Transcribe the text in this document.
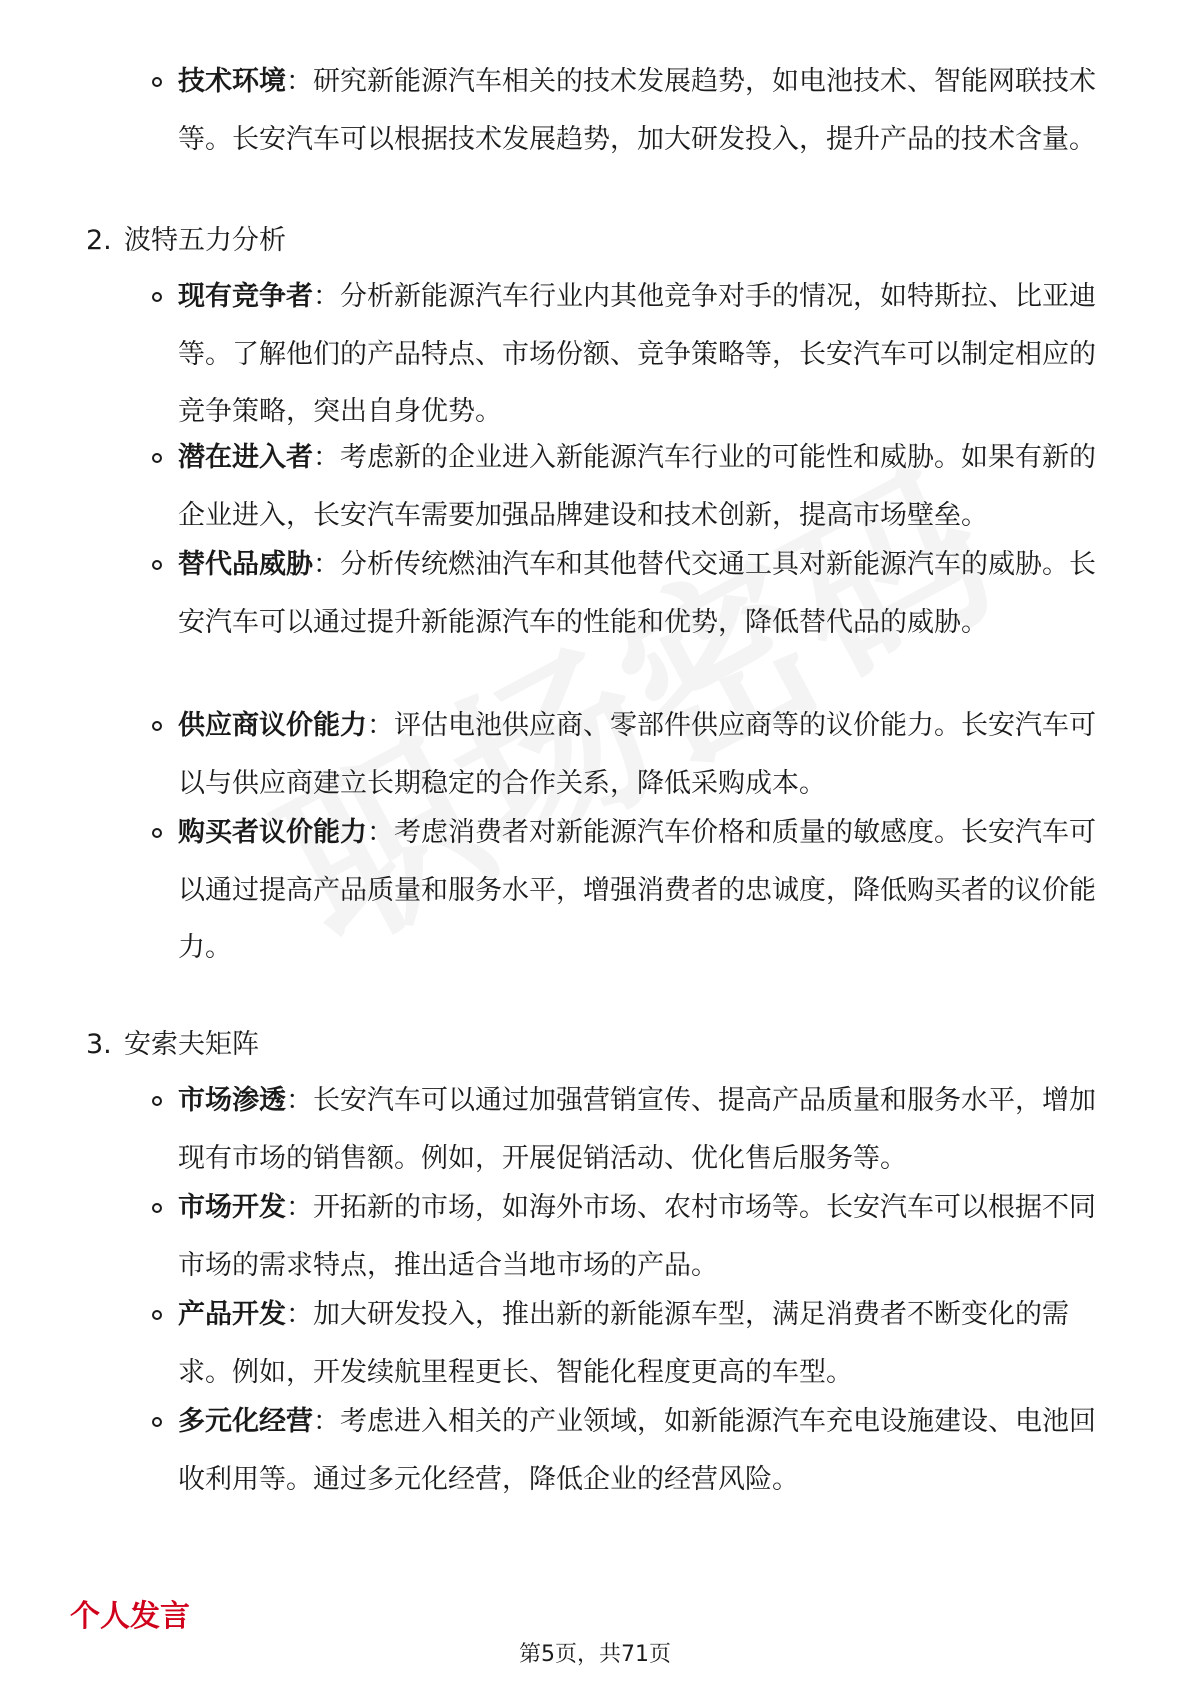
技术环境：研究新能源汽车相关的技术发展趋势，如电池技术、智能网联技术等。长安汽车可以根据技术发展趋势，加大研发投入，提升产品的技术含量。

2. 波特五力分析

现有竞争者：分析新能源汽车行业内其他竞争对手的情况，如特斯拉、比亚迪等。了解他们的产品特点、市场份额、竞争策略等，长安汽车可以制定相应的竞争策略，突出自身优势。

潜在进入者：考虑新的企业进入新能源汽车行业的可能性和威胁。如果有新的企业进入，长安汽车需要加强品牌建设和技术创新，提高市场壁垒。

替代品威胁：分析传统燃油汽车和其他替代交通工具对新能源汽车的威胁。长安汽车可以通过提升新能源汽车的性能和优势，降低替代品的威胁。

供应商议价能力：评估电池供应商、零部件供应商等的议价能力。长安汽车可以与供应商建立长期稳定的合作关系，降低采购成本。

购买者议价能力：考虑消费者对新能源汽车价格和质量的敏感度。长安汽车可以通过提高产品质量和服务水平，增强消费者的忠诚度，降低购买者的议价能力。

3. 安索夫矩阵

市场渗透：长安汽车可以通过加强营销宣传、提高产品质量和服务水平，增加现有市场的销售额。例如，开展促销活动、优化售后服务等。

市场开发：开拓新的市场，如海外市场、农村市场等。长安汽车可以根据不同市场的需求特点，推出适合当地市场的产品。

产品开发：加大研发投入，推出新的新能源车型，满足消费者不断变化的需求。例如，开发续航里程更长、智能化程度更高的车型。

多元化经营：考虑进入相关的产业领域，如新能源汽车充电设施建设、电池回收利用等。通过多元化经营，降低企业的经营风险。

个人发言
第5页，共71页
